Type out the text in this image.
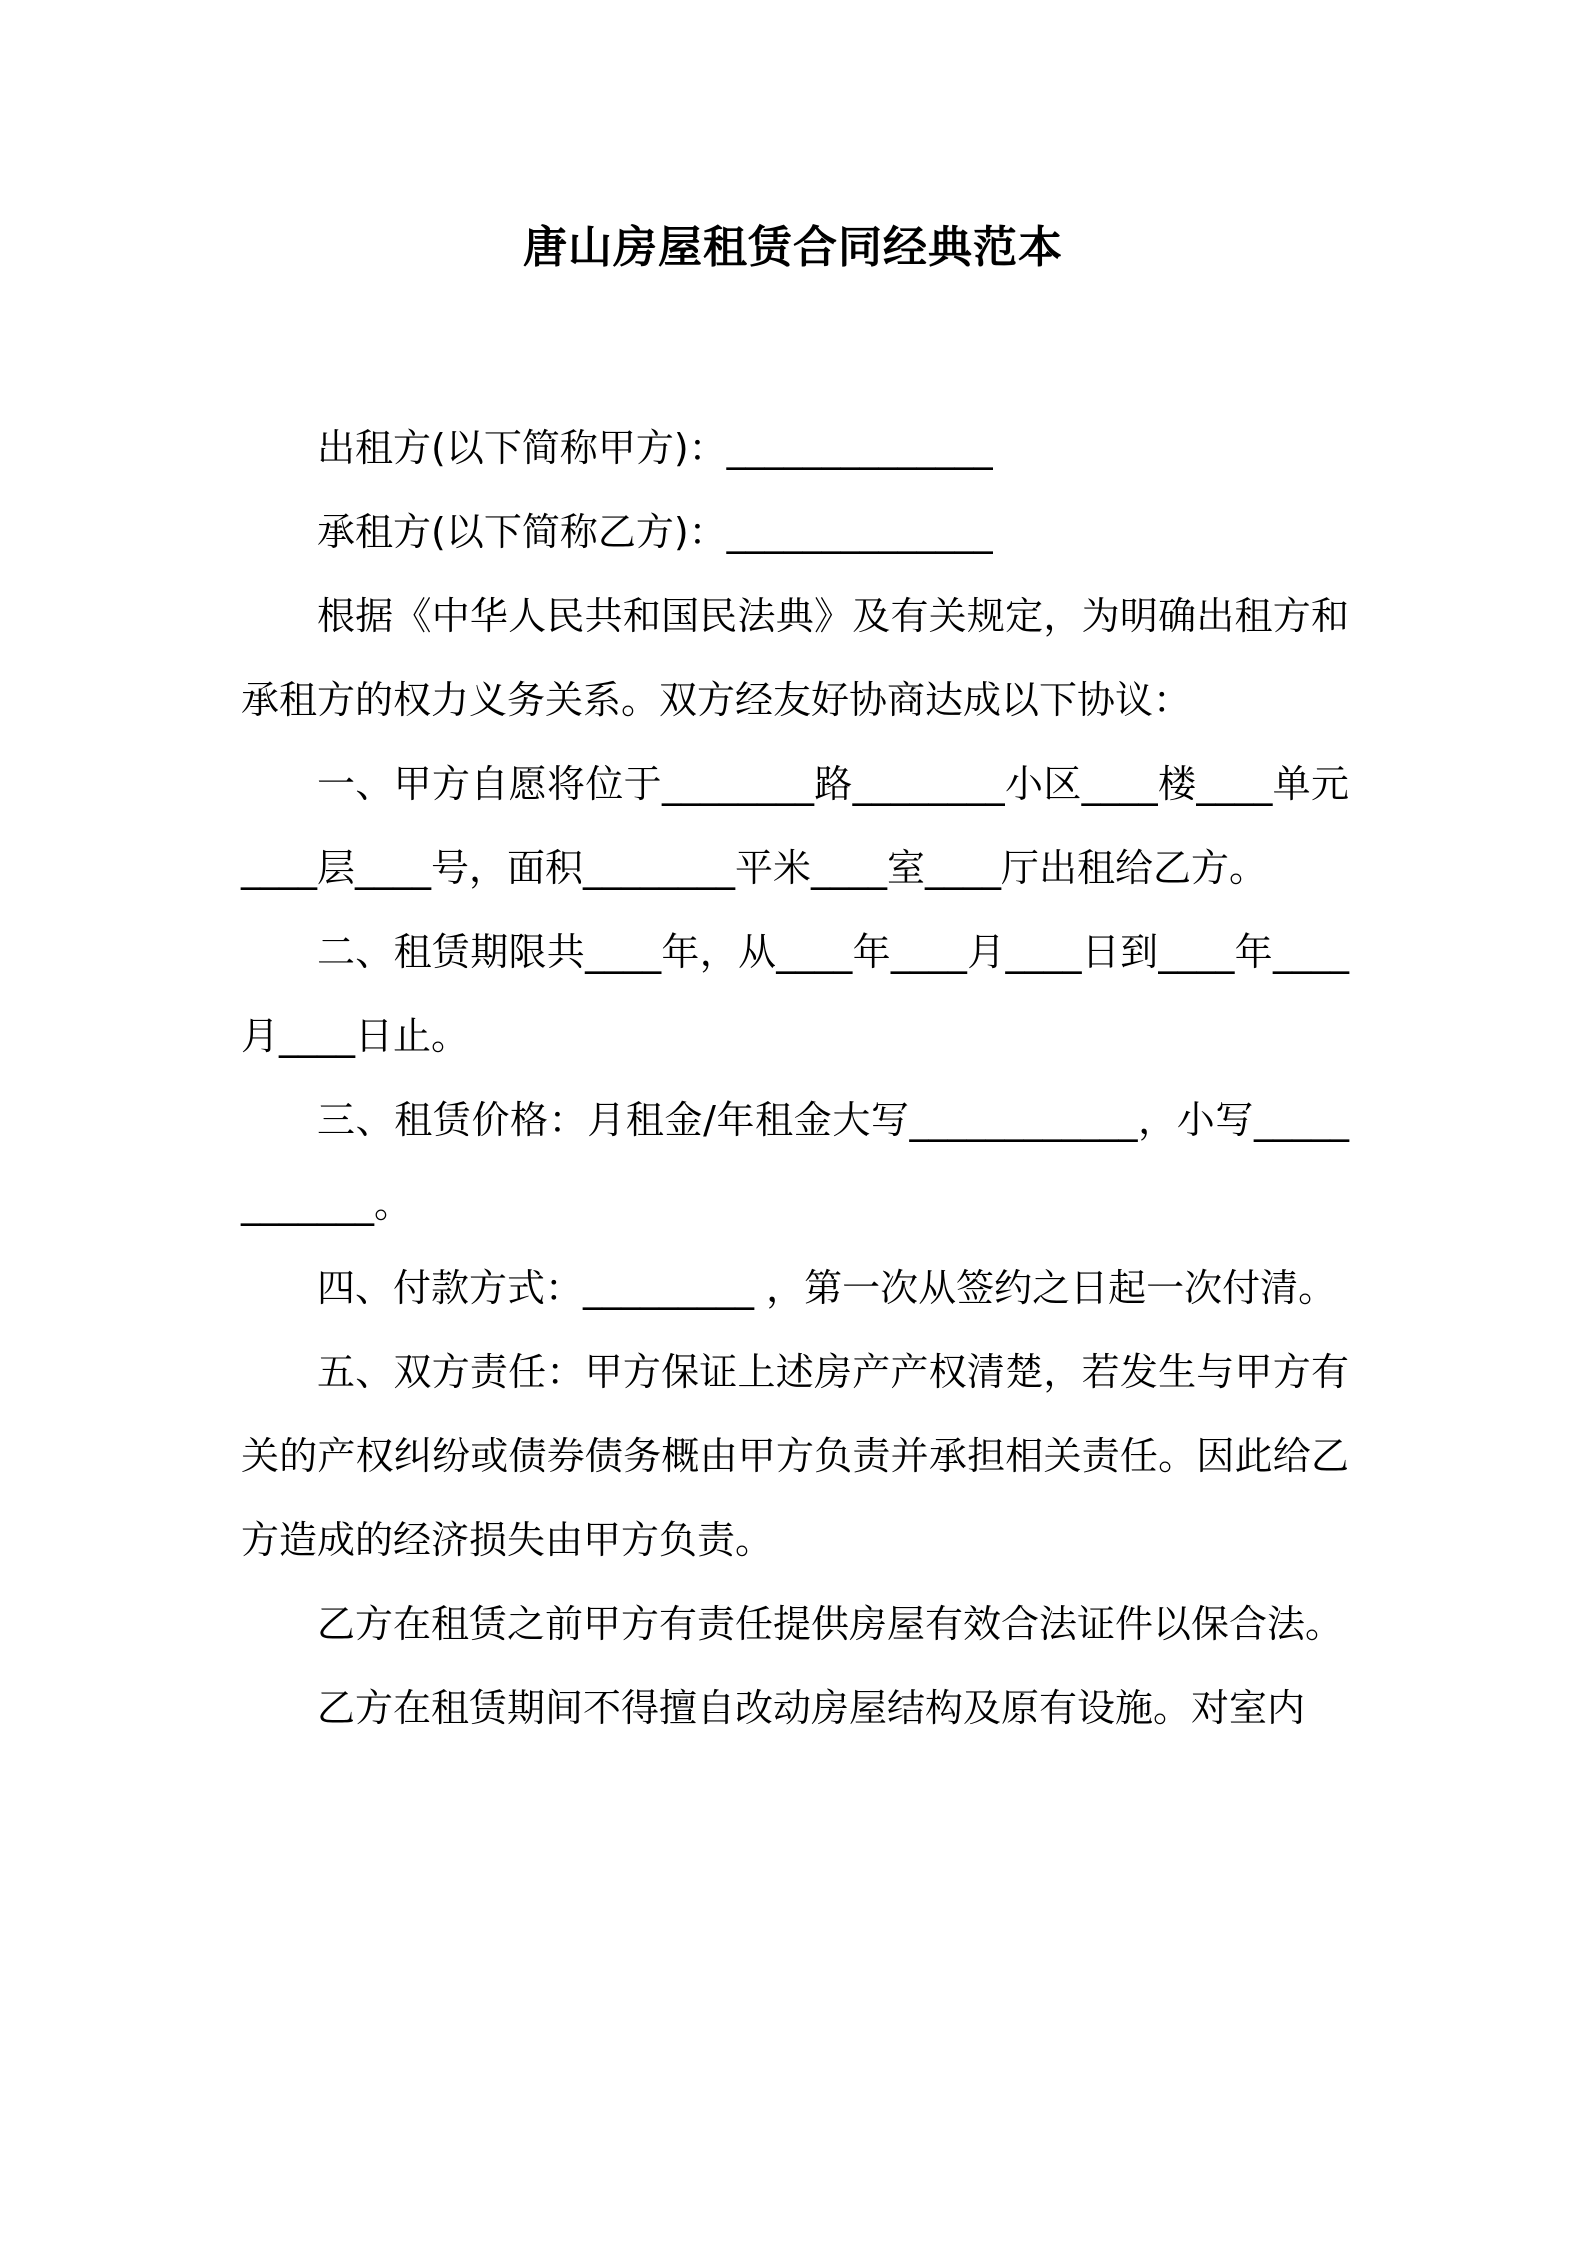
唐山房屋租赁合同经典范本

出租方(以下简称甲方)：______________

承租方(以下简称乙方)：______________

根据《中华人民共和国民法典》及有关规定，为明确出租方和承租方的权力义务关系。双方经友好协商达成以下协议：

一、甲方自愿将位于________路________小区____楼____单元____层____号，面积________平米____室____厅出租给乙方。

二、租赁期限共____年，从____年____月____日到____年____月____日止。

三、租赁价格：月租金/年租金大写____________，小写____________。

四、付款方式：_________ ，第一次从签约之日起一次付清。

五、双方责任：甲方保证上述房产产权清楚，若发生与甲方有关的产权纠纷或债券债务概由甲方负责并承担相关责任。因此给乙方造成的经济损失由甲方负责。

乙方在租赁之前甲方有责任提供房屋有效合法证件以保合法。

乙方在租赁期间不得擅自改动房屋结构及原有设施。对室内
